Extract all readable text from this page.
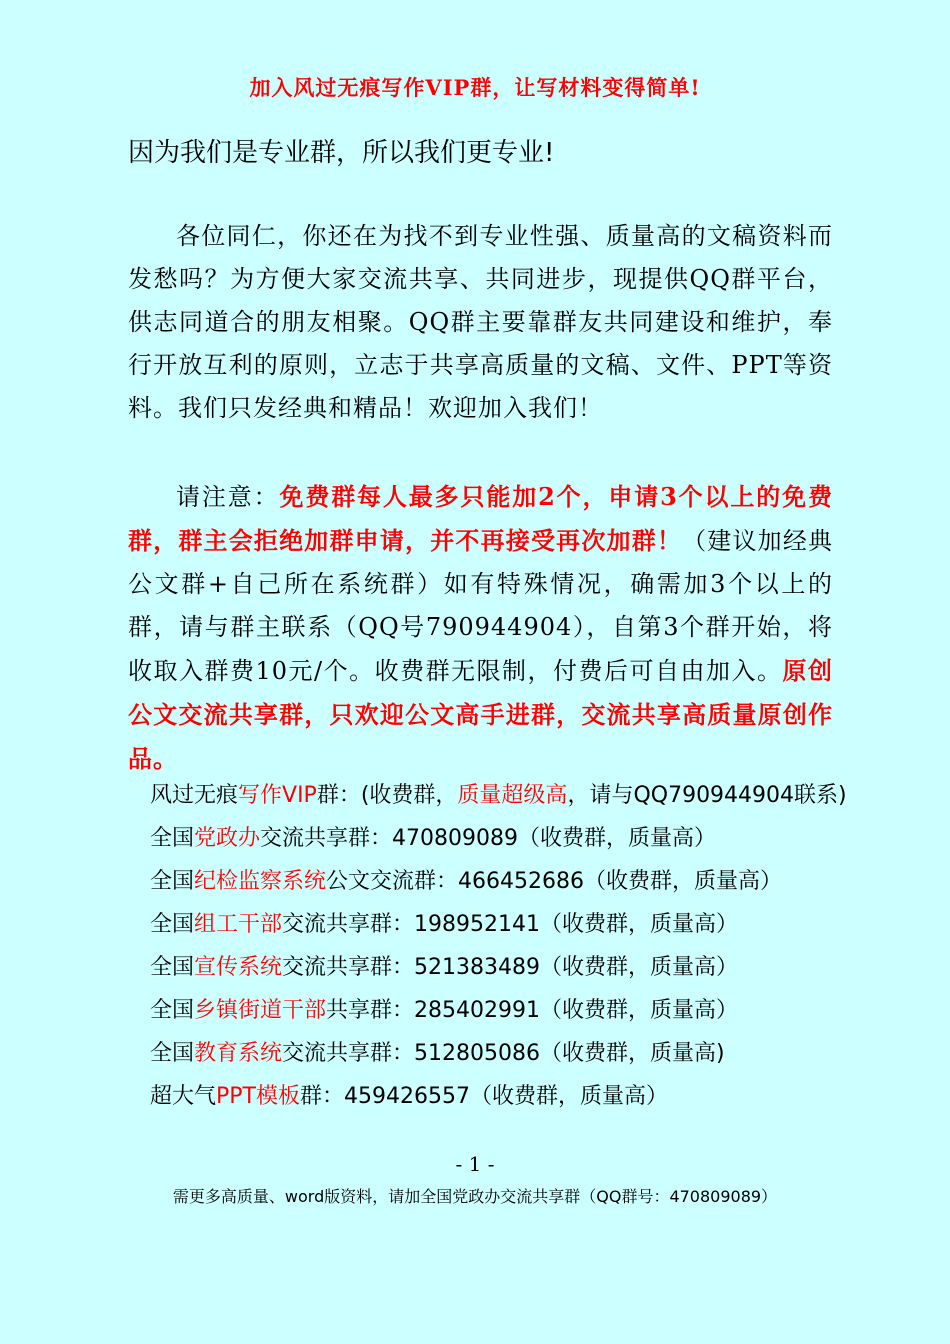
加入风过无痕写作VIP群，让写材料变得简单!
因为我们是专业群，所以我们更专业!
各位同仁，你还在为找不到专业性强、质量高的文稿资料而发愁吗？为方便大家交流共享、共同进步，现提供QQ群平台，供志同道合的朋友相聚。QQ群主要靠群友共同建设和维护，奉行开放互利的原则，立志于共享高质量的文稿、文件、PPT等资料。我们只发经典和精品！欢迎加入我们！
请注意：免费群每人最多只能加2个，申请3个以上的免费群，群主会拒绝加群申请，并不再接受再次加群！（建议加经典公文群+自己所在系统群）如有特殊情况，确需加3个以上的群，请与群主联系（QQ号790944904），自第3个群开始，将收取入群费10元/个。收费群无限制，付费后可自由加入。原创公文交流共享群，只欢迎公文高手进群，交流共享高质量原创作品。
风过无痕写作VIP群：(收费群，质量超级高，请与QQ790944904联系)
全国党政办交流共享群：470809089（收费群，质量高）
全国纪检监察系统公文交流群：466452686（收费群，质量高）
全国组工干部交流共享群：198952141（收费群，质量高）
全国宣传系统交流共享群：521383489（收费群，质量高）
全国乡镇街道干部共享群：285402991（收费群，质量高）
全国教育系统交流共享群：512805086（收费群，质量高)
超大气PPT模板群：459426557（收费群，质量高）
- 1 -
需更多高质量、word版资料，请加全国党政办交流共享群（QQ群号：470809089）
